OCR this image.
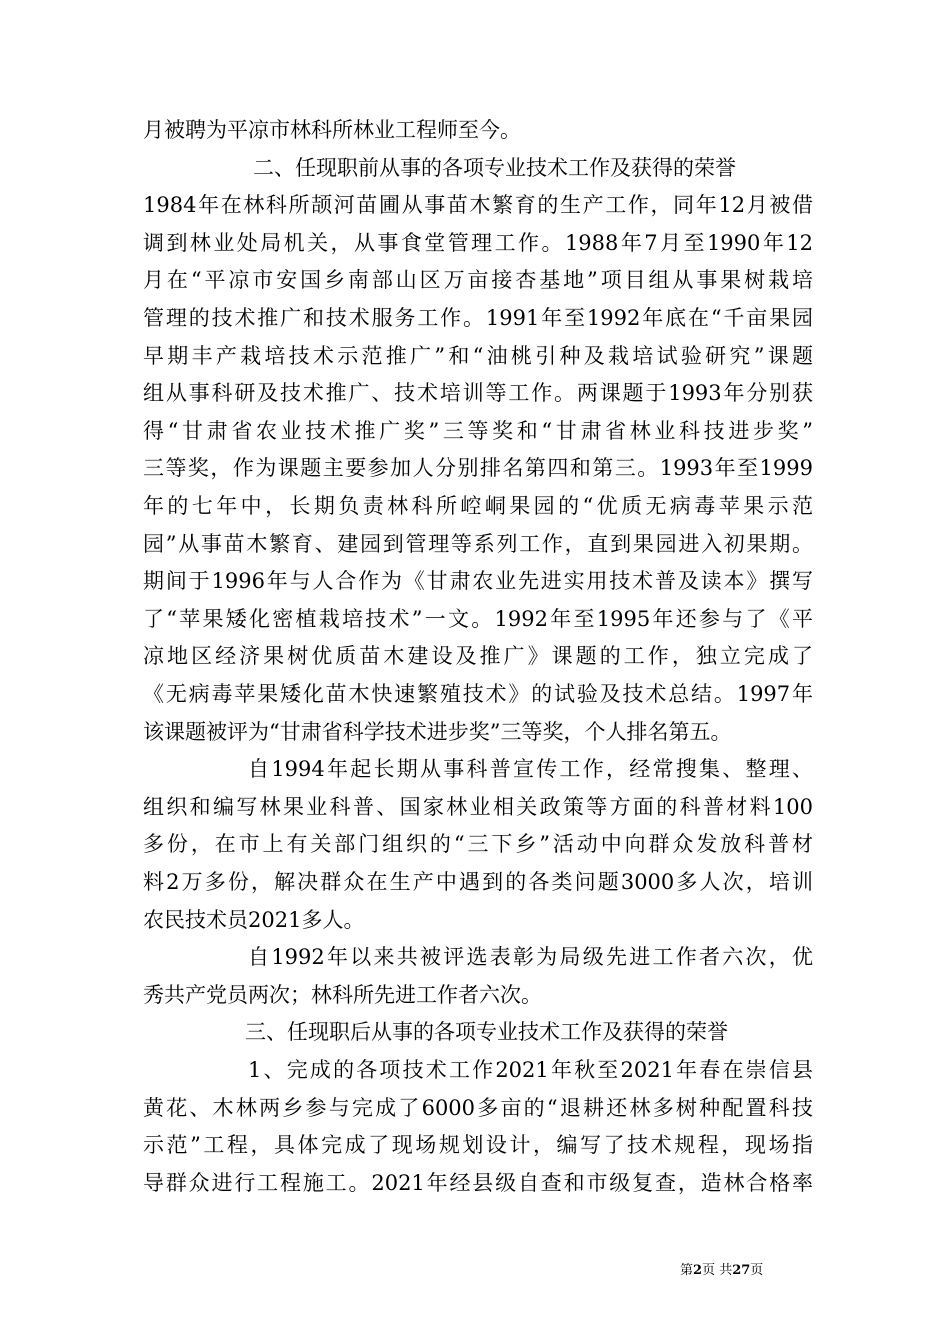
月被聘为平凉市林科所林业工程师至今。
二、任现职前从事的各项专业技术工作及获得的荣誉
1984年在林科所颉河苗圃从事苗木繁育的生产工作，同年12月被借
调到林业处局机关，从事食堂管理工作。1988年7月至1990年12
月在“平凉市安国乡南部山区万亩接杏基地”项目组从事果树栽培
管理的技术推广和技术服务工作。1991年至1992年底在“千亩果园
早期丰产栽培技术示范推广”和“油桃引种及栽培试验研究”课题
组从事科研及技术推广、技术培训等工作。两课题于1993年分别获
得“甘肃省农业技术推广奖”三等奖和“甘肃省林业科技进步奖”
三等奖，作为课题主要参加人分别排名第四和第三。1993年至1999
年的七年中，长期负责林科所崆峒果园的“优质无病毒苹果示范
园”从事苗木繁育、建园到管理等系列工作，直到果园进入初果期。
期间于1996年与人合作为《甘肃农业先进实用技术普及读本》撰写
了“苹果矮化密植栽培技术”一文。1992年至1995年还参与了《平
凉地区经济果树优质苗木建设及推广》课题的工作，独立完成了
《无病毒苹果矮化苗木快速繁殖技术》的试验及技术总结。1997年
该课题被评为“甘肃省科学技术进步奖”三等奖，个人排名第五。
自1994年起长期从事科普宣传工作，经常搜集、整理、
组织和编写林果业科普、国家林业相关政策等方面的科普材料100
多份，在市上有关部门组织的“三下乡”活动中向群众发放科普材
料2万多份，解决群众在生产中遇到的各类问题3000多人次，培训
农民技术员2021多人。
自1992年以来共被评选表彰为局级先进工作者六次，优
秀共产党员两次；林科所先进工作者六次。
三、任现职后从事的各项专业技术工作及获得的荣誉
1、完成的各项技术工作2021年秋至2021年春在崇信县
黄花、木林两乡参与完成了6000多亩的“退耕还林多树种配置科技
示范”工程，具体完成了现场规划设计，编写了技术规程，现场指
导群众进行工程施工。2021年经县级自查和市级复查，造林合格率
第2页 共27页
